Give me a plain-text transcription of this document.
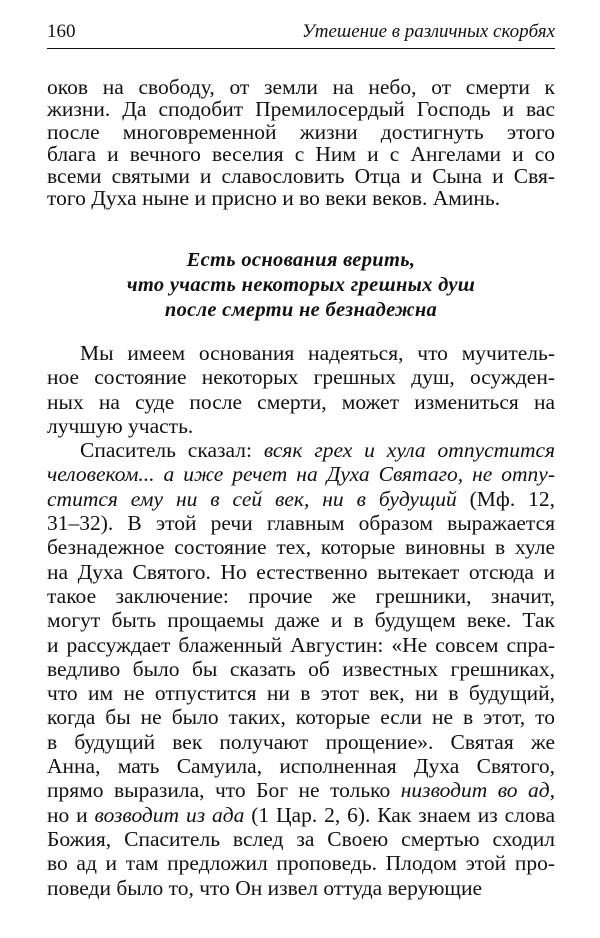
160	Утешение в различных скорбях
оков на свободу, от земли на небо, от смерти к
жизни. Да сподобит Премилосердый Господь и вас
после многовременной жизни достигнуть этого
блага и вечного веселия с Ним и с Ангелами и со
всеми святыми и славословить Отца и Сына и Свя-
того Духа ныне и присно и во веки веков. Аминь.
Есть основания верить,
что участь некоторых грешных душ
после смерти не безнадежна
Мы имеем основания надеяться, что мучитель-
ное состояние некоторых грешных душ, осужден-
ных на суде после смерти, может измениться на
лучшую участь.
Спаситель сказал: всяк грех и хула отпустится
человеком... а иже речет на Духа Святаго, не отпу-
стится ему ни в сей век, ни в будущий (Мф. 12,
31–32). В этой речи главным образом выражается
безнадежное состояние тех, которые виновны в хуле
на Духа Святого. Но естественно вытекает отсюда и
такое заключение: прочие же грешники, значит,
могут быть прощаемы даже и в будущем веке. Так
и рассуждает блаженный Августин: «Не совсем спра-
ведливо было бы сказать об известных грешниках,
что им не отпустится ни в этот век, ни в будущий,
когда бы не было таких, которые если не в этот, то
в будущий век получают прощение». Святая же
Анна, мать Самуила, исполненная Духа Святого,
прямо выразила, что Бог не только низводит во ад,
но и возводит из ада (1 Цар. 2, 6). Как знаем из слова
Божия, Спаситель вслед за Своею смертью сходил
во ад и там предложил проповедь. Плодом этой про-
поведи было то, что Он извел оттуда верующие
